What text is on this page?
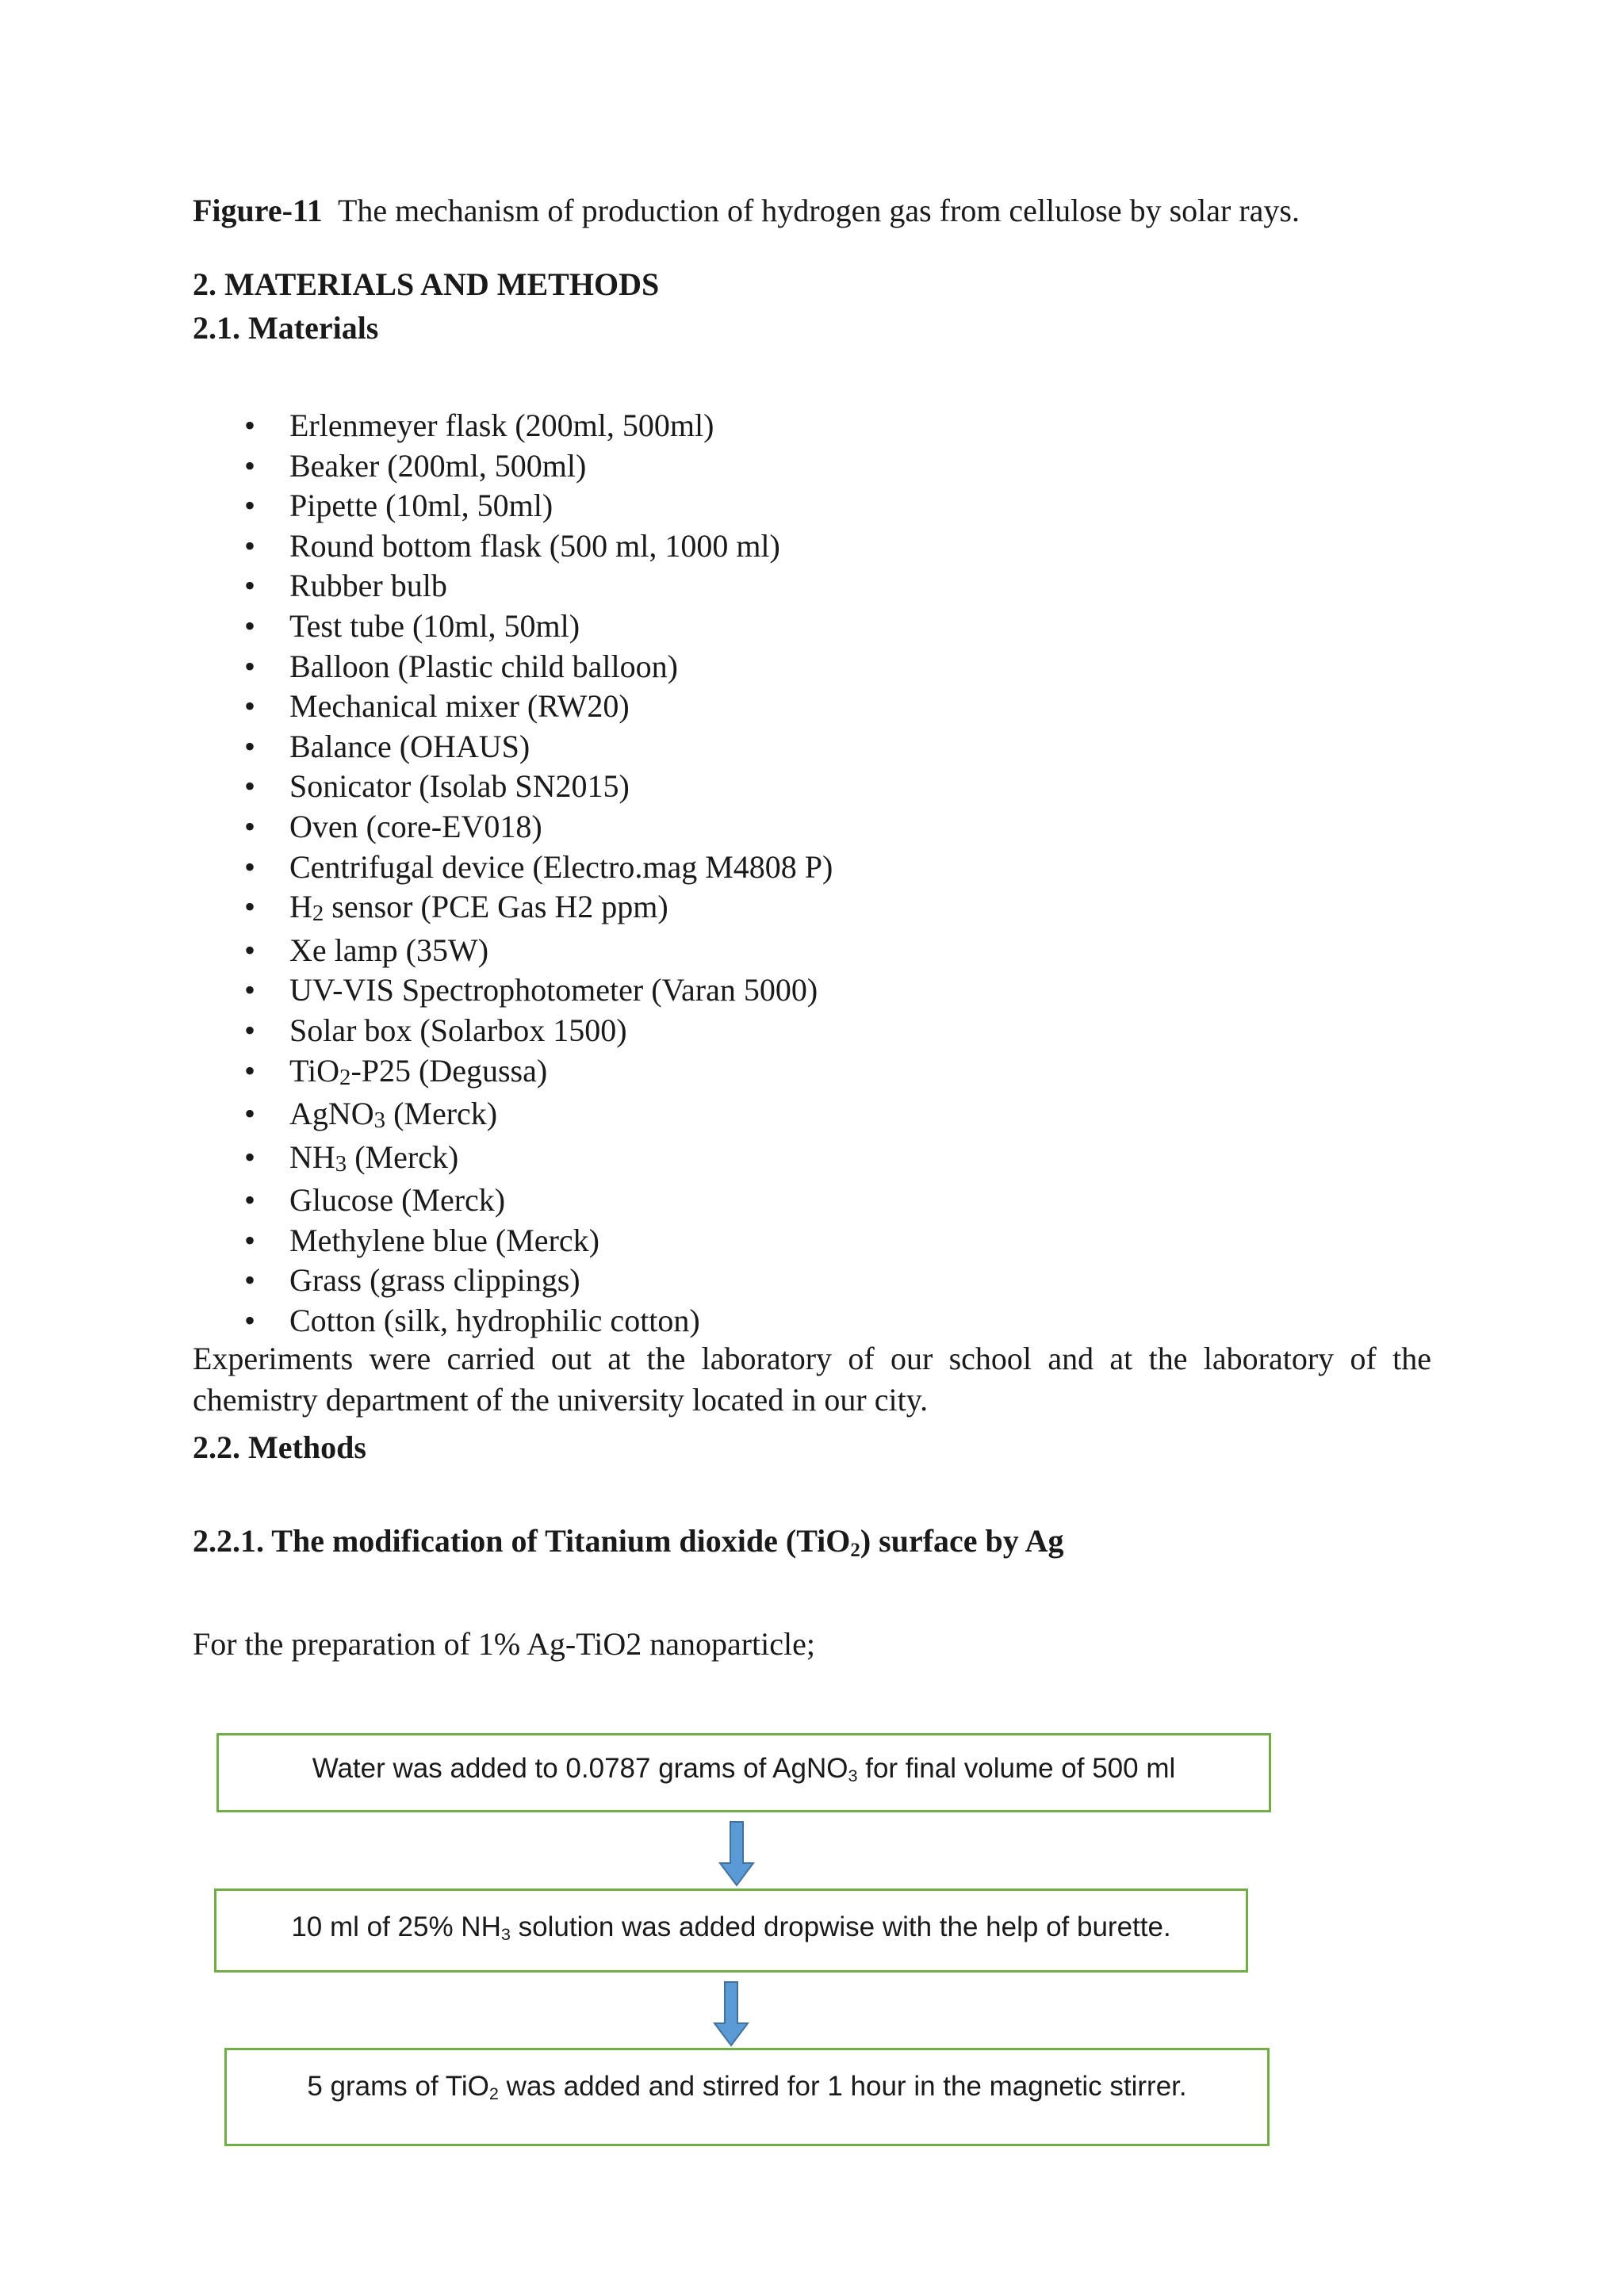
Figure-11 The mechanism of production of hydrogen gas from cellulose by solar rays.
2. MATERIALS AND METHODS
2.1. Materials
• Erlenmeyer flask (200ml, 500ml)
• Beaker (200ml, 500ml)
• Pipette (10ml, 50ml)
• Round bottom flask (500 ml, 1000 ml)
• Rubber bulb
• Test tube (10ml, 50ml)
• Balloon (Plastic child balloon)
• Mechanical mixer (RW20)
• Balance (OHAUS)
• Sonicator (Isolab SN2015)
• Oven (core-EV018)
• Centrifugal device (Electro.mag M4808 P)
• H2 sensor (PCE Gas H2 ppm)
• Xe lamp (35W)
• UV-VIS Spectrophotometer (Varan 5000)
• Solar box (Solarbox 1500)
• TiO2-P25 (Degussa)
• AgNO3 (Merck)
• NH3 (Merck)
• Glucose (Merck)
• Methylene blue (Merck)
• Grass (grass clippings)
• Cotton (silk, hydrophilic cotton)
Experiments were carried out at the laboratory of our school and at the laboratory of the chemistry department of the university located in our city.
2.2. Methods
2.2.1. The modification of Titanium dioxide (TiO$_2$) surface by Ag
For the preparation of 1% Ag-TiO2 nanoparticle;
Water was added to 0.0787 grams of AgNO$_3$ for final volume of 500 ml
10 ml of 25% $NH_3$ solution was added dropwise with the help of burette.
5 grams of TiO$_2$ was added and stirred for 1 hour in the magnetic stirrer.
